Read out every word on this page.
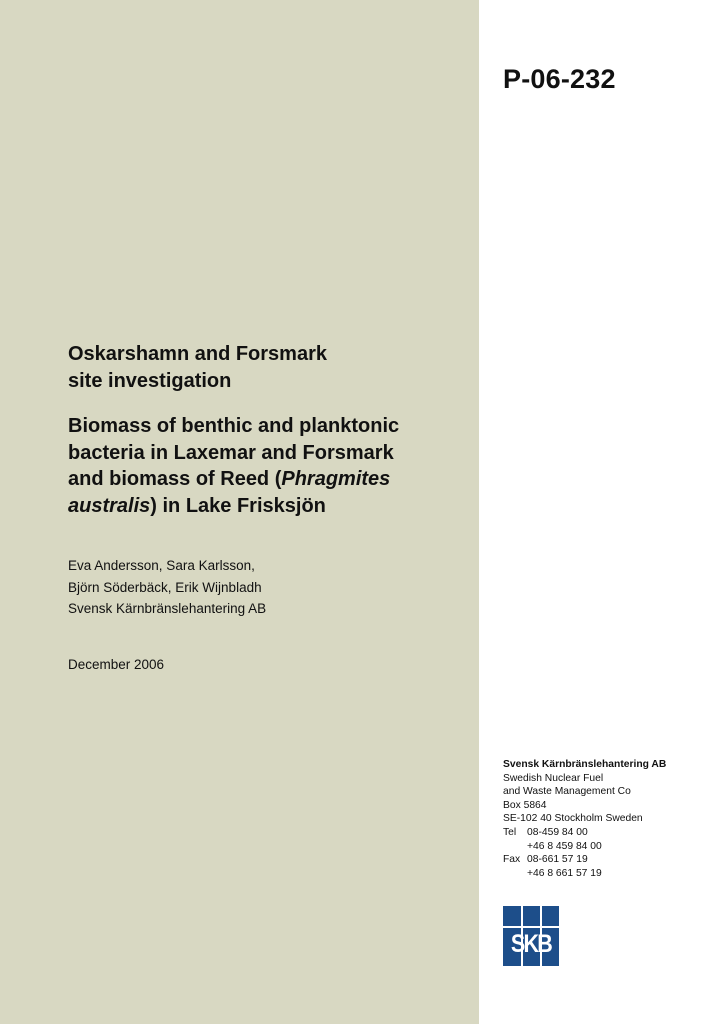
P-06-232
Oskarshamn and Forsmark
site investigation
Biomass of benthic and planktonic
bacteria in Laxemar and Forsmark
and biomass of Reed (Phragmites
australis) in Lake Frisksjön
Eva Andersson, Sara Karlsson,
Björn Söderbäck, Erik Wijnbladh
Svensk Kärnbränslehantering AB
December 2006
Svensk Kärnbränslehantering AB
Swedish Nuclear Fuel
and Waste Management Co
Box 5864
SE-102 40 Stockholm Sweden
Tel	08-459 84 00
+46 8 459 84 00
Fax 08-661 57 19
+46 8 661 57 19
SKB
